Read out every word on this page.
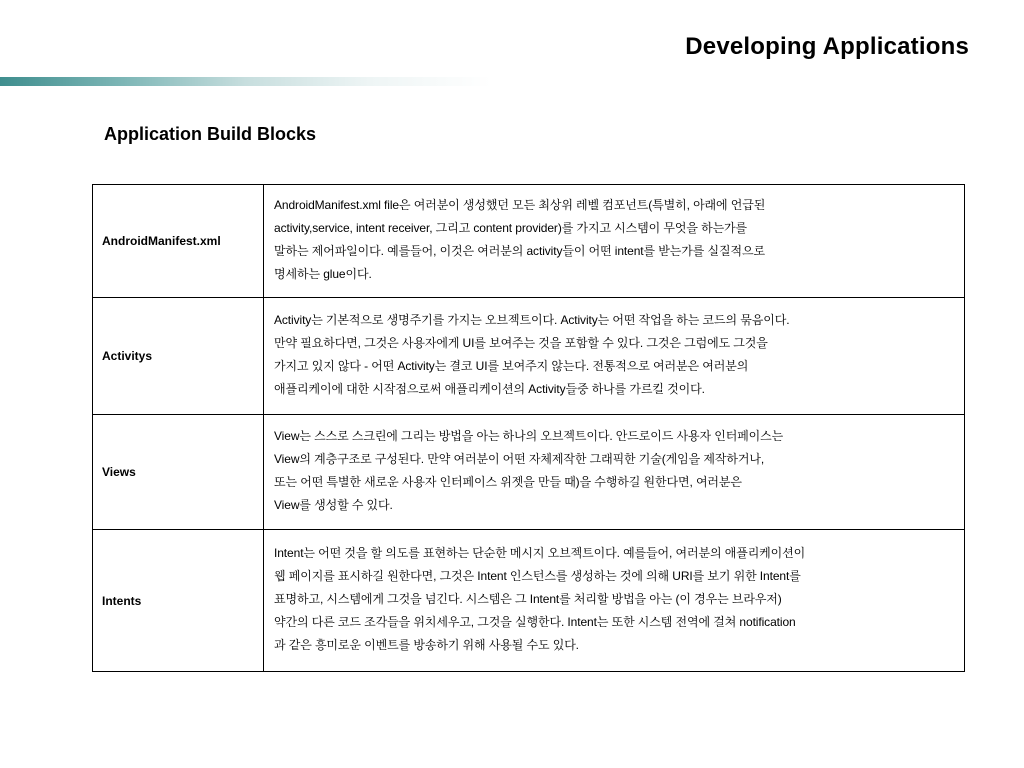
Developing Applications
Application Build Blocks
AndroidManifest.xml	AndroidManifest.xml file은 여러분이 생성했던 모든 최상위 레벨 컴포넌트(특별히, 아래에 언급된
activity,service, intent receiver, 그리고 content provider)를 가지고 시스템이 무엇을 하는가를
말하는 제어파일이다. 예를들어, 이것은 여러분의 activity들이 어떤 intent를 받는가를 실질적으로
명세하는 glue이다.

Activitys	Activity는 기본적으로 생명주기를 가지는 오브젝트이다. Activity는 어떤 작업을 하는 코드의 묶음이다.
만약 필요하다면, 그것은 사용자에게 UI를 보여주는 것을 포함할 수 있다. 그것은 그럼에도 그것을
가지고 있지 않다 - 어떤 Activity는 결코 UI를 보여주지 않는다. 전통적으로 여러분은 여러분의
애플리케이에 대한 시작점으로써 애플리케이션의 Activity들중 하나를 가르킬 것이다.

Views	View는 스스로 스크린에 그리는 방법을 아는 하나의 오브젝트이다. 안드로이드 사용자 인터페이스는
View의 계층구조로 구성된다. 만약 여러분이 어떤 자체제작한 그래픽한 기술(게임을 제작하거나,
또는 어떤 특별한 새로운 사용자 인터페이스 위젯을 만들 때)을 수행하길 원한다면, 여러분은
View를 생성할 수 있다.

Intents	Intent는 어떤 것을 할 의도를 표현하는 단순한 메시지 오브젝트이다. 예를들어, 여러분의 애플리케이션이
웹 페이지를 표시하길 원한다면, 그것은 Intent 인스턴스를 생성하는 것에 의해 URI를 보기 위한 Intent를
표명하고, 시스템에게 그것을 넘긴다. 시스템은 그 Intent를 처리할 방법을 아는 (이 경우는 브라우저)
약간의 다른 코드 조각들을 위치세우고, 그것을 실행한다. Intent는 또한 시스템 전역에 걸쳐 notification
과 같은 흥미로운 이벤트를 방송하기 위해 사용될 수도 있다.
